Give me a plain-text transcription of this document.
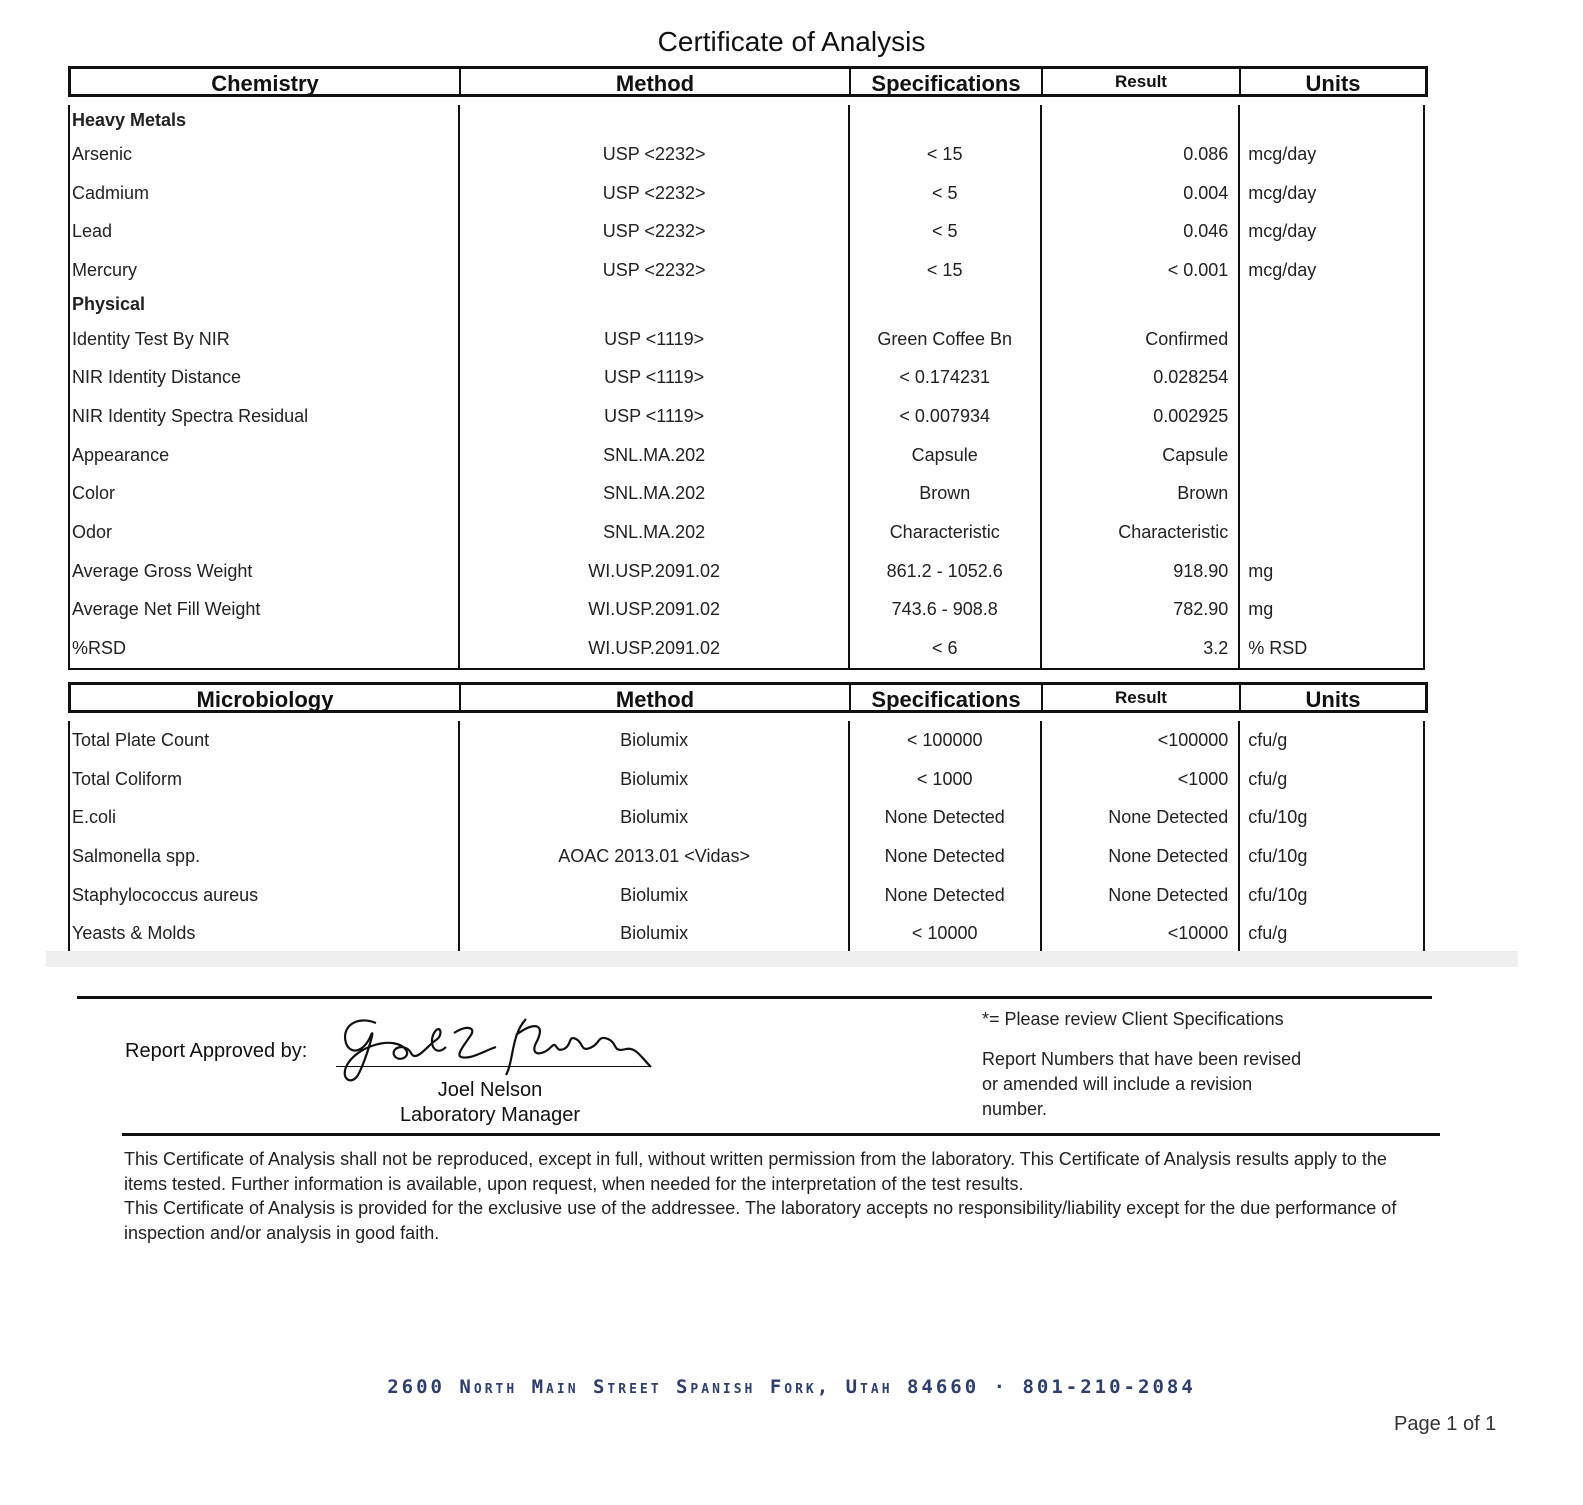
Certificate of Analysis
Chemistry	Method	Specifications	Result	Units
Heavy Metals
Arsenic	USP <2232>	< 15	0.086	mcg/day
Cadmium	USP <2232>	< 5	0.004	mcg/day
Lead	USP <2232>	< 5	0.046	mcg/day
Mercury	USP <2232>	< 15	< 0.001	mcg/day
Physical
Identity Test By NIR	USP <1119>	Green Coffee Bn	Confirmed
NIR Identity Distance	USP <1119>	< 0.174231	0.028254
NIR Identity Spectra Residual	USP <1119>	< 0.007934	0.002925
Appearance	SNL.MA.202	Capsule	Capsule
Color	SNL.MA.202	Brown	Brown
Odor	SNL.MA.202	Characteristic	Characteristic
Average Gross Weight	WI.USP.2091.02	861.2 - 1052.6	918.90	mg
Average Net Fill Weight	WI.USP.2091.02	743.6 - 908.8	782.90	mg
%RSD	WI.USP.2091.02	< 6	3.2	% RSD
Microbiology	Method	Specifications	Result	Units
Total Plate Count	Biolumix	< 100000	<100000	cfu/g
Total Coliform	Biolumix	< 1000	<1000	cfu/g
E.coli	Biolumix	None Detected	None Detected	cfu/10g
Salmonella spp.	AOAC 2013.01 <Vidas>	None Detected	None Detected	cfu/10g
Staphylococcus aureus	Biolumix	None Detected	None Detected	cfu/10g
Yeasts & Molds	Biolumix	< 10000	<10000	cfu/g
Report Approved by:
Joel L Nelson
Joel Nelson
Laboratory Manager
*= Please review Client Specifications
Report Numbers that have been revised or amended will include a revision number.

This Certificate of Analysis shall not be reproduced, except in full, without written permission from the laboratory. This Certificate of Analysis results apply to the items tested. Further information is available, upon request, when needed for the interpretation of the test results.

This Certificate of Analysis is provided for the exclusive use of the addressee. The laboratory accepts no responsibility/liability except for the due performance of inspection and/or analysis in good faith.

2600 North Main Street Spanish Fork, Utah 84660 · 801-210-2084
Page 1 of 1
